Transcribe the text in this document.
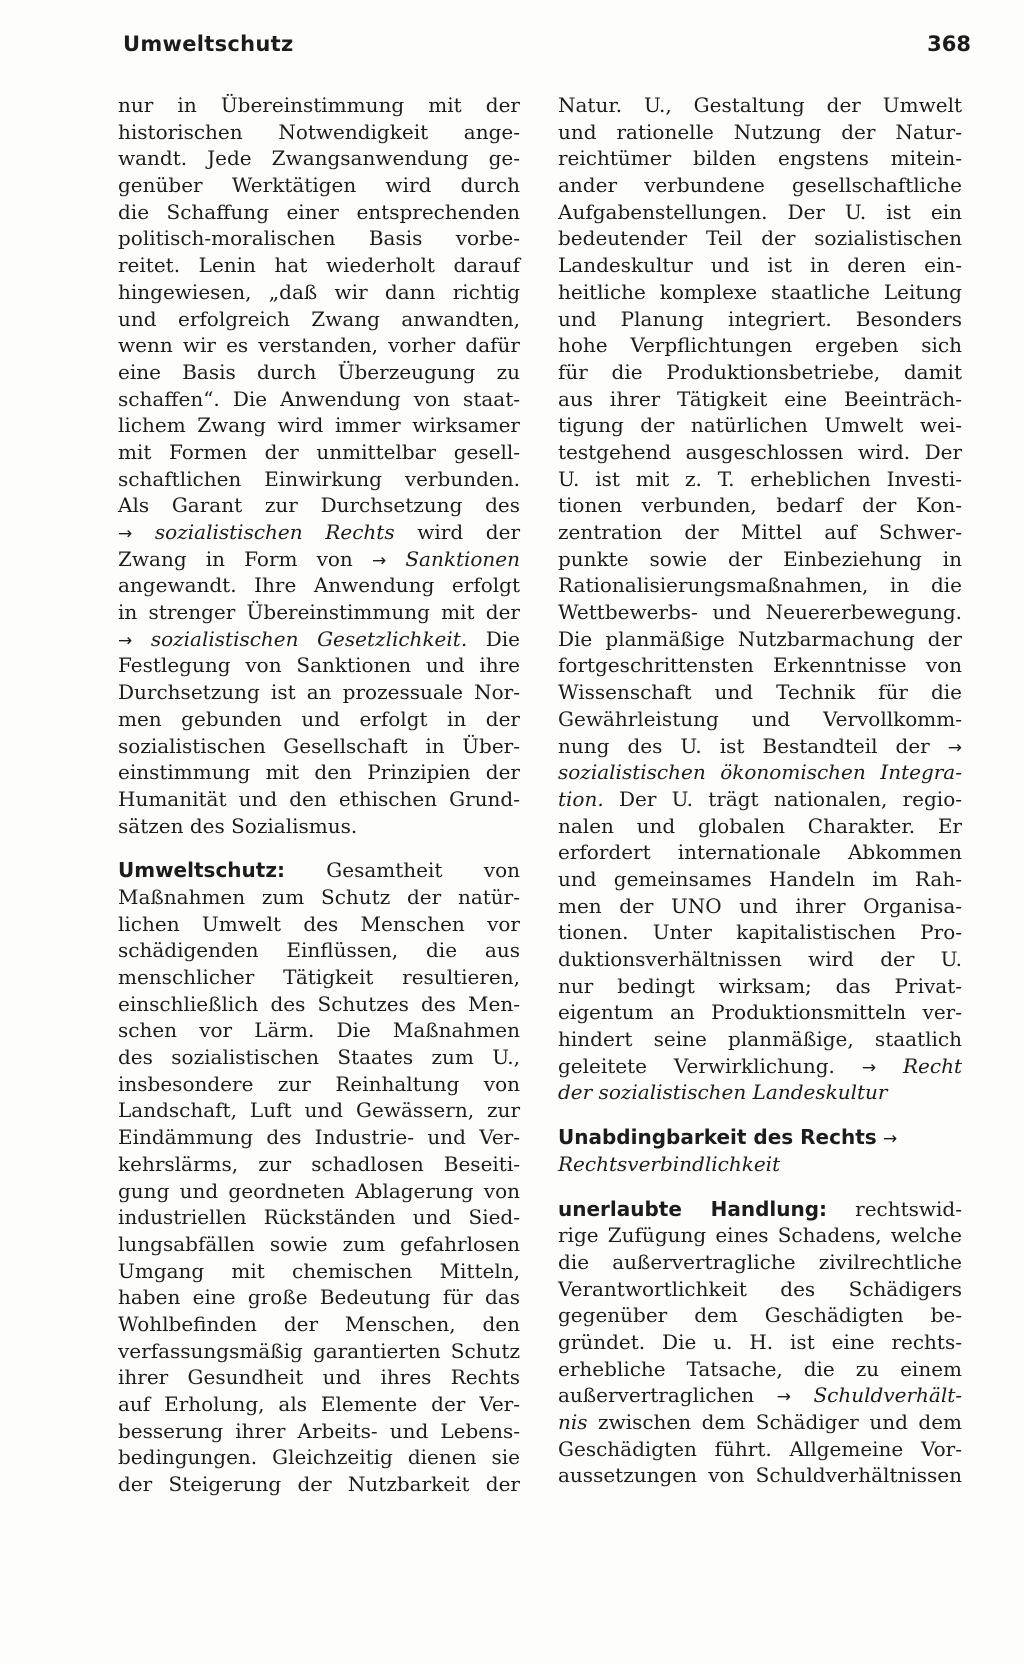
Umweltschutz	368
nur in Übereinstimmung mit der
historischen Notwendigkeit ange-
wandt. Jede Zwangsanwendung ge-
genüber Werktätigen wird durch
die Schaffung einer entsprechenden
politisch-moralischen Basis vorbe-
reitet. Lenin hat wiederholt darauf
hingewiesen, „daß wir dann richtig
und erfolgreich Zwang anwandten,
wenn wir es verstanden, vorher dafür
eine Basis durch Überzeugung zu
schaffen“. Die Anwendung von staat-
lichem Zwang wird immer wirksamer
mit Formen der unmittelbar gesell-
schaftlichen Einwirkung verbunden.
Als Garant zur Durchsetzung des
→ sozialistischen Rechts wird der
Zwang in Form von → Sanktionen
angewandt. Ihre Anwendung erfolgt
in strenger Übereinstimmung mit der
→ sozialistischen Gesetzlichkeit. Die
Festlegung von Sanktionen und ihre
Durchsetzung ist an prozessuale Nor-
men gebunden und erfolgt in der
sozialistischen Gesellschaft in Über-
einstimmung mit den Prinzipien der
Humanität und den ethischen Grund-
sätzen des Sozialismus.
Umweltschutz: Gesamtheit von
Maßnahmen zum Schutz der natür-
lichen Umwelt des Menschen vor
schädigenden Einflüssen, die aus
menschlicher Tätigkeit resultieren,
einschließlich des Schutzes des Men-
schen vor Lärm. Die Maßnahmen
des sozialistischen Staates zum U.,
insbesondere zur Reinhaltung von
Landschaft, Luft und Gewässern, zur
Eindämmung des Industrie- und Ver-
kehrslärms, zur schadlosen Beseiti-
gung und geordneten Ablagerung von
industriellen Rückständen und Sied-
lungsabfällen sowie zum gefahrlosen
Umgang mit chemischen Mitteln,
haben eine große Bedeutung für das
Wohlbefinden der Menschen, den
verfassungsmäßig garantierten Schutz
ihrer Gesundheit und ihres Rechts
auf Erholung, als Elemente der Ver-
besserung ihrer Arbeits- und Lebens-
bedingungen. Gleichzeitig dienen sie
der Steigerung der Nutzbarkeit der
Natur. U., Gestaltung der Umwelt
und rationelle Nutzung der Natur-
reichtümer bilden engstens mitein-
ander verbundene gesellschaftliche
Aufgabenstellungen. Der U. ist ein
bedeutender Teil der sozialistischen
Landeskultur und ist in deren ein-
heitliche komplexe staatliche Leitung
und Planung integriert. Besonders
hohe Verpflichtungen ergeben sich
für die Produktionsbetriebe, damit
aus ihrer Tätigkeit eine Beeinträch-
tigung der natürlichen Umwelt wei-
testgehend ausgeschlossen wird. Der
U. ist mit z. T. erheblichen Investi-
tionen verbunden, bedarf der Kon-
zentration der Mittel auf Schwer-
punkte sowie der Einbeziehung in
Rationalisierungsmaßnahmen, in die
Wettbewerbs- und Neuererbewegung.
Die planmäßige Nutzbarmachung der
fortgeschrittensten Erkenntnisse von
Wissenschaft und Technik für die
Gewährleistung und Vervollkomm-
nung des U. ist Bestandteil der →
sozialistischen ökonomischen Integra-
tion. Der U. trägt nationalen, regio-
nalen und globalen Charakter. Er
erfordert internationale Abkommen
und gemeinsames Handeln im Rah-
men der UNO und ihrer Organisa-
tionen. Unter kapitalistischen Pro-
duktionsverhältnissen wird der U.
nur bedingt wirksam; das Privat-
eigentum an Produktionsmitteln ver-
hindert seine planmäßige, staatlich
geleitete Verwirklichung. → Recht
der sozialistischen Landeskultur
Unabdingbarkeit des Rechts →
Rechtsverbindlichkeit
unerlaubte Handlung: rechtswid-
rige Zufügung eines Schadens, welche
die außervertragliche zivilrechtliche
Verantwortlichkeit des Schädigers
gegenüber dem Geschädigten be-
gründet. Die u. H. ist eine rechts-
erhebliche Tatsache, die zu einem
außervertraglichen → Schuldverhält-
nis zwischen dem Schädiger und dem
Geschädigten führt. Allgemeine Vor-
aussetzungen von Schuldverhältnissen
